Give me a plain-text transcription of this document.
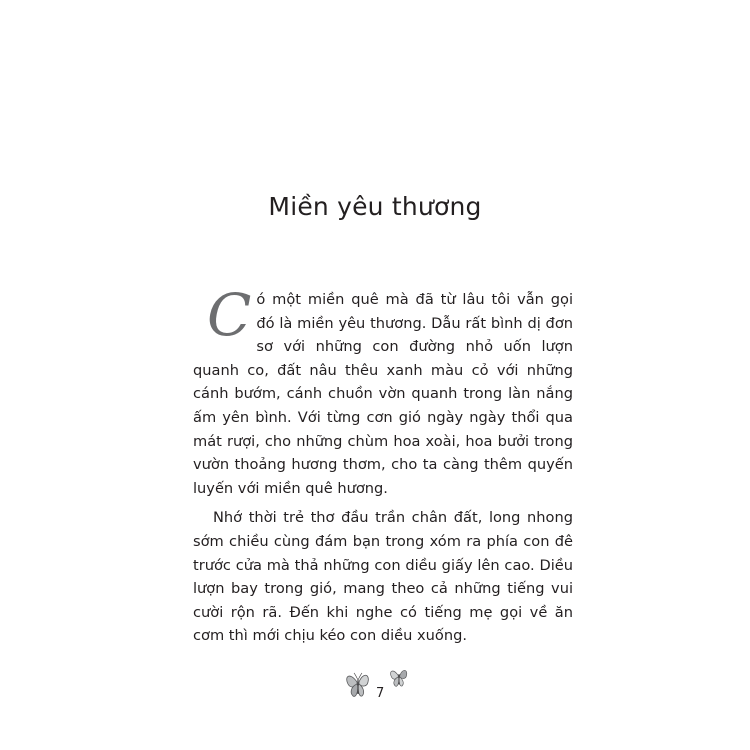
Miền yêu thương

Có một miền quê mà đã từ lâu tôi vẫn gọi đó là miền yêu thương. Dẫu rất bình dị đơn sơ với những con đường nhỏ uốn lượn quanh co, đất nâu thêu xanh màu cỏ với những cánh bướm, cánh chuồn vờn quanh trong làn nắng ấm yên bình. Với từng cơn gió ngày ngày thổi qua mát rượi, cho những chùm hoa xoài, hoa bưởi trong vườn thoảng hương thơm, cho ta càng thêm quyến luyến với miền quê hương.

Nhớ thời trẻ thơ đầu trần chân đất, long nhong sớm chiều cùng đám bạn trong xóm ra phía con đê trước cửa mà thả những con diều giấy lên cao. Diều lượn bay trong gió, mang theo cả những tiếng vui cười rộn rã. Đến khi nghe có tiếng mẹ gọi về ăn cơm thì mới chịu kéo con diều xuống.

7
